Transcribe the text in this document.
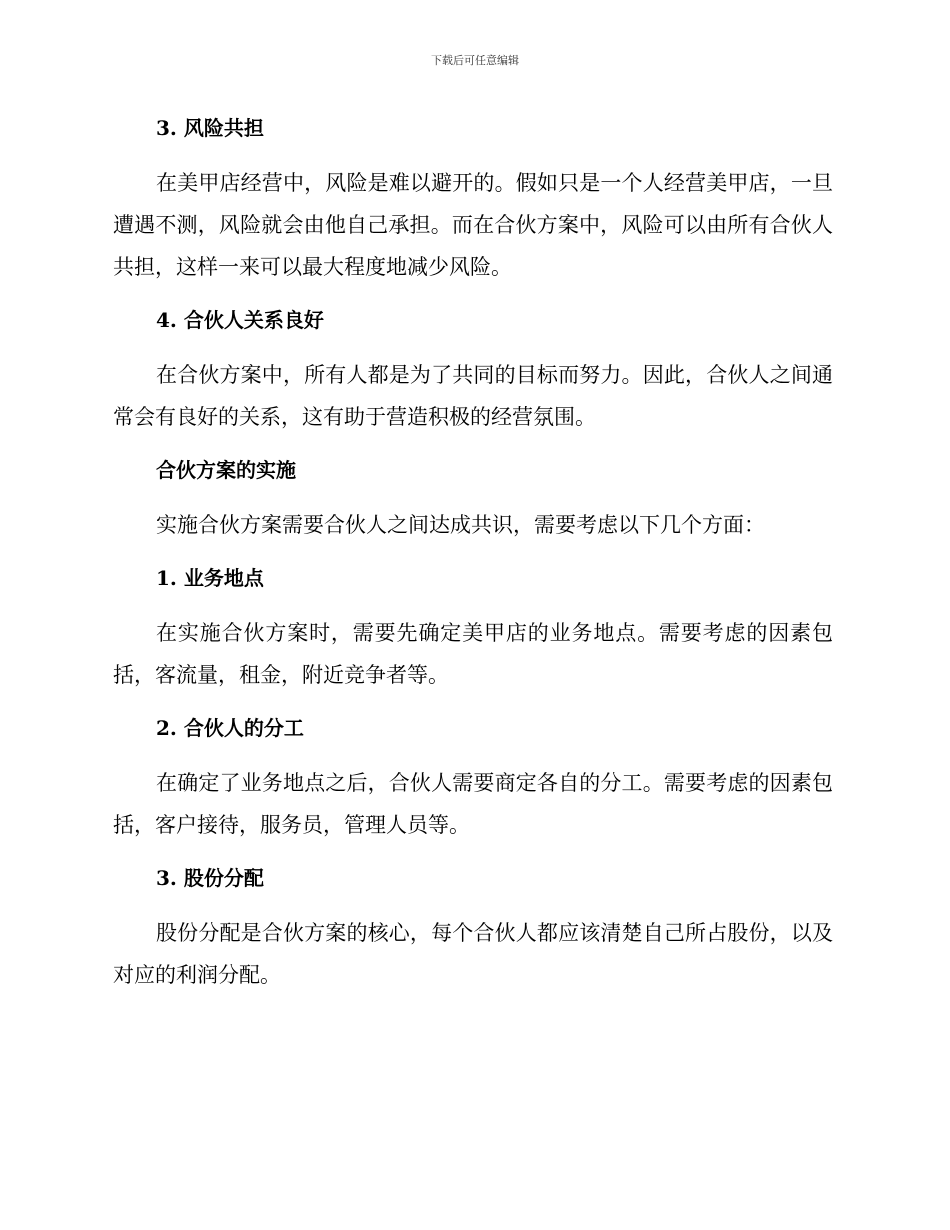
下载后可任意编辑
3. 风险共担

在美甲店经营中，风险是难以避开的。假如只是一个人经营美甲店，一旦遭遇不测，风险就会由他自己承担。而在合伙方案中，风险可以由所有合伙人共担，这样一来可以最大程度地减少风险。

4. 合伙人关系良好

在合伙方案中，所有人都是为了共同的目标而努力。因此，合伙人之间通常会有良好的关系，这有助于营造积极的经营氛围。

合伙方案的实施

实施合伙方案需要合伙人之间达成共识，需要考虑以下几个方面：

1. 业务地点

在实施合伙方案时，需要先确定美甲店的业务地点。需要考虑的因素包括，客流量，租金，附近竞争者等。

2. 合伙人的分工

在确定了业务地点之后，合伙人需要商定各自的分工。需要考虑的因素包括，客户接待，服务员，管理人员等。

3. 股份分配

股份分配是合伙方案的核心，每个合伙人都应该清楚自己所占股份，以及对应的利润分配。
